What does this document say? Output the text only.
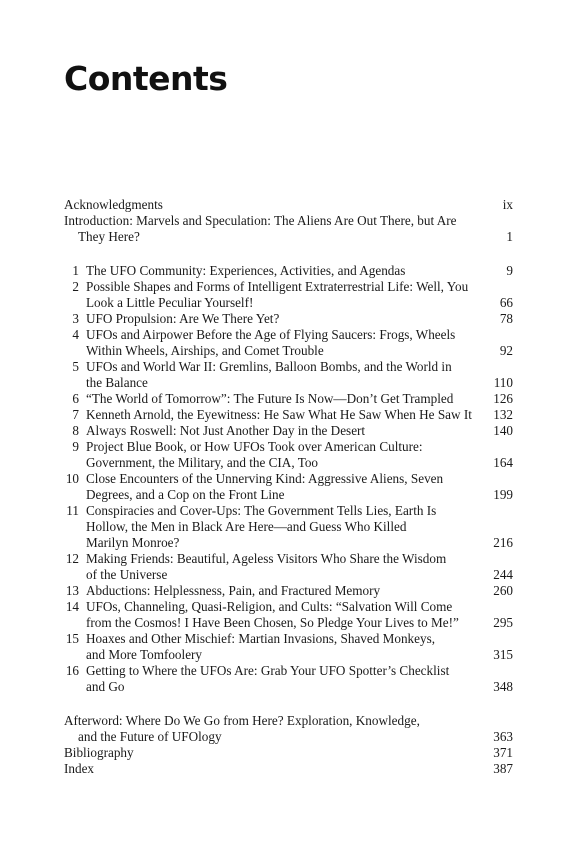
Contents
Acknowledgments	ix
Introduction: Marvels and Speculation: The Aliens Are Out There, but Are
They Here?	1
1 The UFO Community: Experiences, Activities, and Agendas	9
2 Possible Shapes and Forms of Intelligent Extraterrestrial Life: Well, You
Look a Little Peculiar Yourself!	66
3 UFO Propulsion: Are We There Yet?	78
4 UFOs and Airpower Before the Age of Flying Saucers: Frogs, Wheels
Within Wheels, Airships, and Comet Trouble	92
5 UFOs and World War II: Gremlins, Balloon Bombs, and the World in
the Balance	110
6 “The World of Tomorrow”: The Future Is Now—Don’t Get Trampled	126
7 Kenneth Arnold, the Eyewitness: He Saw What He Saw When He Saw It 132
8 Always Roswell: Not Just Another Day in the Desert	140
9 Project Blue Book, or How UFOs Took over American Culture:
Government, the Military, and the CIA, Too	164
10 Close Encounters of the Unnerving Kind: Aggressive Aliens, Seven
Degrees, and a Cop on the Front Line	199
11 Conspiracies and Cover-Ups: The Government Tells Lies, Earth Is
Hollow, the Men in Black Are Here—and Guess Who Killed
Marilyn Monroe?	216
12 Making Friends: Beautiful, Ageless Visitors Who Share the Wisdom
of the Universe	244
13 Abductions: Helplessness, Pain, and Fractured Memory	260
14 UFOs, Channeling, Quasi-Religion, and Cults: “Salvation Will Come
from the Cosmos! I Have Been Chosen, So Pledge Your Lives to Me!”	295
15 Hoaxes and Other Mischief: Martian Invasions, Shaved Monkeys,
and More Tomfoolery	315
16 Getting to Where the UFOs Are: Grab Your UFO Spotter’s Checklist
and Go	348
Afterword: Where Do We Go from Here? Exploration, Knowledge,
and the Future of UFOlogy	363
Bibliography	371
Index	387
